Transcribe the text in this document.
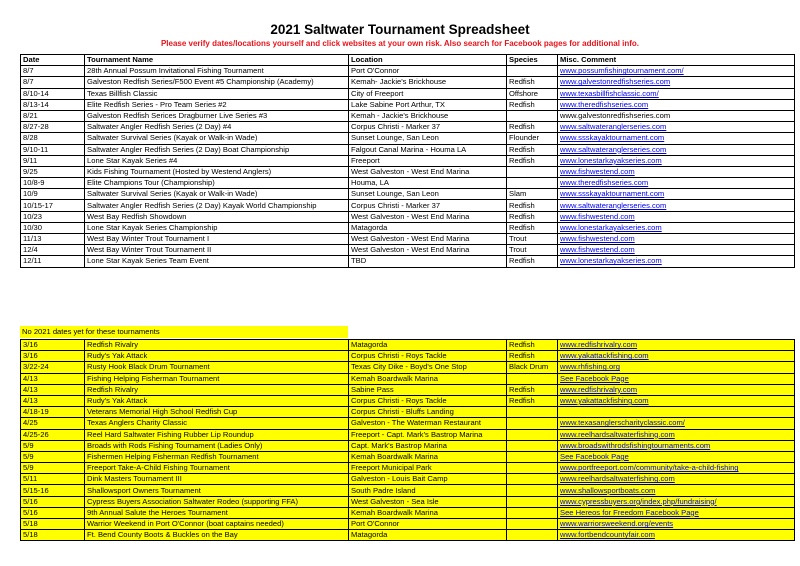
2021 Saltwater Tournament Spreadsheet
Please verify dates/locations yourself and click websites at your own risk. Also search for Facebook pages for additional info.
Date	Tournament Name	Location	Species	Misc. Comment
8/7	28th Annual Possum Invitational Fishing Tournament	Port O'Connor		www.possumfishingtournament.com/
8/7	Galveston Redfish Series/F500 Event #5 Championship (Academy)	Kemah- Jackie's Brickhouse	Redfish	www.galvestonredfishseries.com
8/10-14	Texas Billfish Classic	City of Freeport	Offshore	www.texasbillfishclassic.com/
8/13-14	Elite Redfish Series - Pro Team Series #2	Lake Sabine Port Arthur, TX	Redfish	www.theredfishseries.com
8/21	Galveston Redfish Serices Dragburner Live Series #3	Kemah - Jackie's Brickhouse		www.galvestonredfishseries.com
8/27-28	Saltwater Angler Redfish Series (2 Day) #4	Corpus Christi - Marker 37	Redfish	www.saltwateranglerseries.com
8/28	Saltwater Survival Series (Kayak or Walk-in Wade)	Sunset Lounge, San Leon	Flounder	www.ssskayaktournament.com
9/10-11	Saltwater Angler Redfish Series (2 Day) Boat Championship	Falgout Canal Marina - Houma LA	Redfish	www.saltwateranglerseries.com
9/11	Lone Star Kayak Series #4	Freeport	Redfish	www.lonestarkayakseries.com
9/25	Kids Fishing Tournament (Hosted by Westend Anglers)	West Galveston - West End Marina		www.fishwestend.com
10/8-9	Elite Champions Tour (Championship)	Houma, LA		www.theredfishseries.com
10/9	Saltwater Survival Series (Kayak or Walk-in Wade)	Sunset Lounge, San Leon	Slam	www.ssskayaktournament.com
10/15-17	Saltwater Angler Redfish Series (2 Day) Kayak World Championship	Corpus Christi - Marker 37	Redfish	www.saltwateranglerseries.com
10/23	West Bay Redfish Showdown	West Galveston - West End Marina	Redfish	www.fishwestend.com
10/30	Lone Star Kayak Series Championship	Matagorda	Redfish	www.lonestarkayakseries.com
11/13	West Bay Winter Trout Tournament I	West Galveston - West End Marina	Trout	www.fishwestend.com
12/4	West Bay Winter Trout Tournament II	West Galveston - West End Marina	Trout	www.fishwestend.com
12/11	Lone Star Kayak Series Team Event	TBD	Redfish	www.lonestarkayakseries.com
No 2021 dates yet for these tournaments
3/16	Redfish Rivalry	Matagorda	Redfish	www.redfishrivalry.com
3/16	Rudy's Yak Attack	Corpus Christi - Roys Tackle	Redfish	www.yakattackfishing.com
3/22-24	Rusty Hook Black Drum Tournament	Texas City Dike - Boyd's One Stop	Black Drum	www.rhfishing.org
4/13	Fishing Helping Fisherman Tournament	Kemah Boardwalk Marina		See Facebook Page
4/13	Redfish Rivalry	Sabine Pass	Redfish	www.redfishrivalry.com
4/13	Rudy's Yak Attack	Corpus Christi - Roys Tackle	Redfish	www.yakattackfishing.com
4/18-19	Veterans Memorial High School Redfish Cup	Corpus Christi - Bluffs Landing		
4/25	Texas Anglers Charity Classic	Galveston - The Waterman Restaurant		www.texasanglerscharityclassic.com/
4/25-26	Reel Hard Saltwater Fishing Rubber Lip Roundup	Freeport - Capt. Mark's Bastrop Marina		www.reelhardsaltwaterfishing.com
5/9	Broads with Rods Fishing Tournament (Ladies Only)	Capt. Mark's Bastrop Marina		www.broadswithrodsfishingtournaments.com
5/9	Fishermen Helping Fisherman Redfish Tournament	Kemah Boardwalk Marina		See Facebook Page
5/9	Freeport Take-A-Child Fishing Tournament	Freeport Municipal Park		www.portfreeport.com/community/take-a-child-fishing
5/11	Dink Masters Tournament III	Galveston - Louis Bait Camp		www.reelhardsaltwaterfishing.com
5/15-16	Shallowsport Owners Tournament	South Padre Island		www.shallowsportboats.com
5/16	Cypress Buyers Association Saltwater Rodeo (supporting FFA)	West Galveston - Sea Isle		www.cypressbuyers.org/index.php/fundraising/
5/16	9th Annual Salute the Heroes Tournament	Kemah Boardwalk Marina		See Hereos for Freedom Facebook Page
5/18	Warrior Weekend in Port O'Connor (boat captains needed)	Port O'Connor		www.warriorsweekend.org/events
5/18	Ft. Bend County Boots & Buckles on the Bay	Matagorda		www.fortbendcountyfair.com
